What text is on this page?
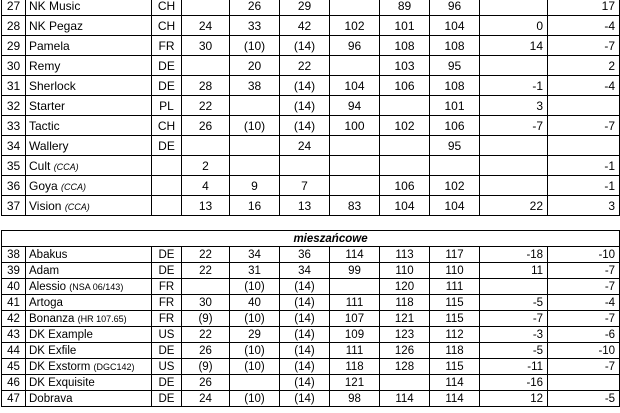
27	NK Music	CH		26	29		89	96		17
28	NK Pegaz	CH	24	33	42	102	101	104	0	-4
29	Pamela	FR	30	(10)	(14)	96	108	108	14	-7
30	Remy	DE		20	22		103	95		2
31	Sherlock	DE	28	38	(14)	104	106	108	-1	-4
32	Starter	PL	22		(14)	94		101	3	
33	Tactic	CH	26	(10)	(14)	100	102	106	-7	-7
34	Wallery	DE			24			95		
35	Cult (CCA)		2							-1
36	Goya (CCA)		4	9	7		106	102		-1
37	Vision (CCA)		13	16	13	83	104	104	22	3
			mieszańcowe							
38	Abakus	DE	22	34	36	114	113	117	-18	-10
39	Adam	DE	22	31	34	99	110	110	11	-7
40	Alessio (NSA 06/143)	FR		(10)	(14)		120	111		-7
41	Artoga	FR	30	40	(14)	111	118	115	-5	-4
42	Bonanza (HR 107.65)	FR	(9)	(10)	(14)	107	121	115	-7	-7
43	DK Example	US	22	29	(14)	109	123	112	-3	-6
44	DK Exfile	DE	26	(10)	(14)	111	126	118	-5	-10
45	DK Exstorm (DGC142)	US	(9)	(10)	(14)	118	128	115	-11	-7
46	DK Exquisite	DE	26		(14)	121		114	-16	
47	Dobrava	DE	24	(10)	(14)	98	114	114	12	-5
